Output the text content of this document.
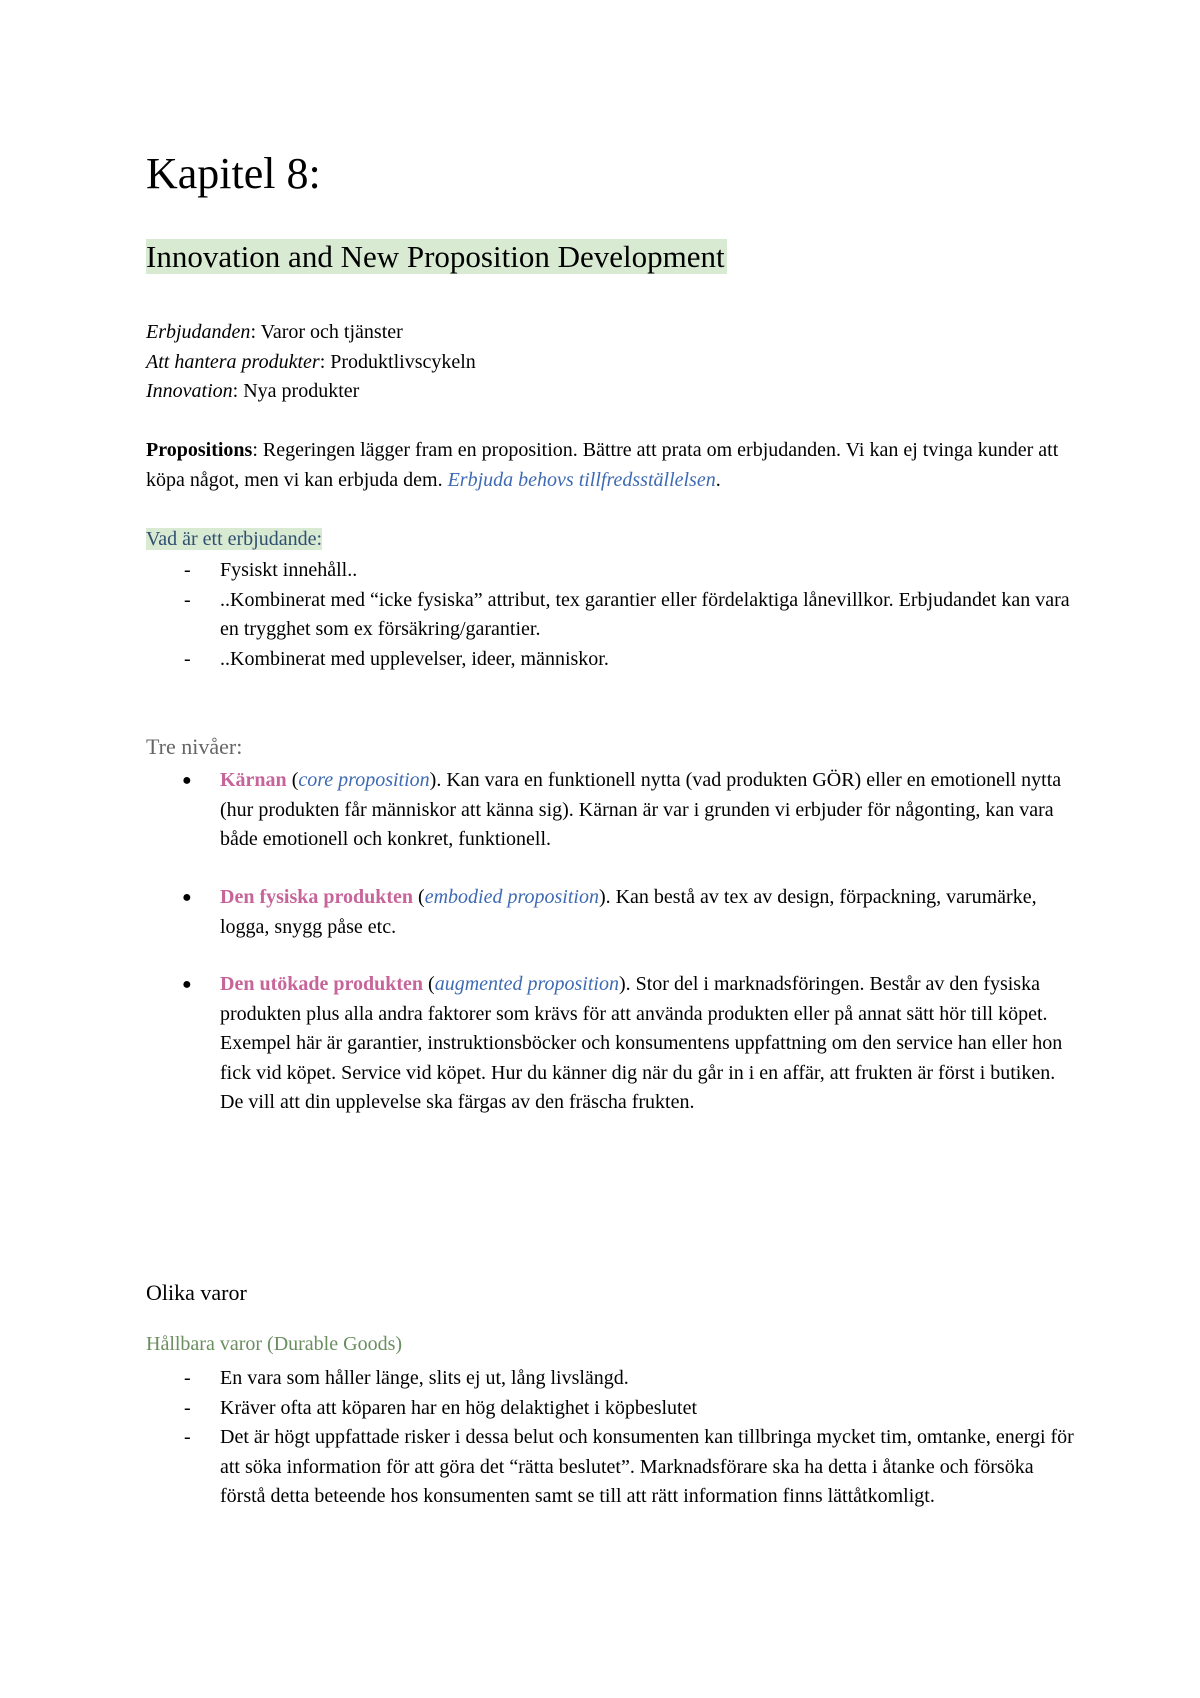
Kapitel 8:
Innovation and New Proposition Development
Erbjudanden: Varor och tjänster
Att hantera produkter: Produktlivscykeln
Innovation: Nya produkter

Propositions: Regeringen lägger fram en proposition. Bättre att prata om erbjudanden. Vi kan ej tvinga kunder att köpa något, men vi kan erbjuda dem. Erbjuda behovs tillfredsställelsen.

Vad är ett erbjudande:

- Fysiskt innehåll..
- ..Kombinerat med “icke fysiska” attribut, tex garantier eller fördelaktiga lånevillkor. Erbjudandet kan vara en trygghet som ex försäkring/garantier.
- ..Kombinerat med upplevelser, ideer, människor.

Tre nivåer:

● Kärnan (core proposition). Kan vara en funktionell nytta (vad produkten GÖR) eller en emotionell nytta (hur produkten får människor att känna sig). Kärnan är var i grunden vi erbjuder för någonting, kan vara både emotionell och konkret, funktionell.
● Den fysiska produkten (embodied proposition). Kan bestå av tex av design, förpackning, varumärke, logga, snygg påse etc.
● Den utökade produkten (augmented proposition). Stor del i marknadsföringen. Består av den fysiska produkten plus alla andra faktorer som krävs för att använda produkten eller på annat sätt hör till köpet. Exempel här är garantier, instruktionsböcker och konsumentens uppfattning om den service han eller hon fick vid köpet. Service vid köpet. Hur du känner dig när du går in i en affär, att frukten är först i butiken. De vill att din upplevelse ska färgas av den fräscha frukten.

Olika varor

Hållbara varor (Durable Goods)

- En vara som håller länge, slits ej ut, lång livslängd.
- Kräver ofta att köparen har en hög delaktighet i köpbeslutet
- Det är högt uppfattade risker i dessa belut och konsumenten kan tillbringa mycket tim, omtanke, energi för att söka information för att göra det “rätta beslutet”. Marknadsförare ska ha detta i åtanke och försöka förstå detta beteende hos konsumenten samt se till att rätt information finns lättåtkomligt.
